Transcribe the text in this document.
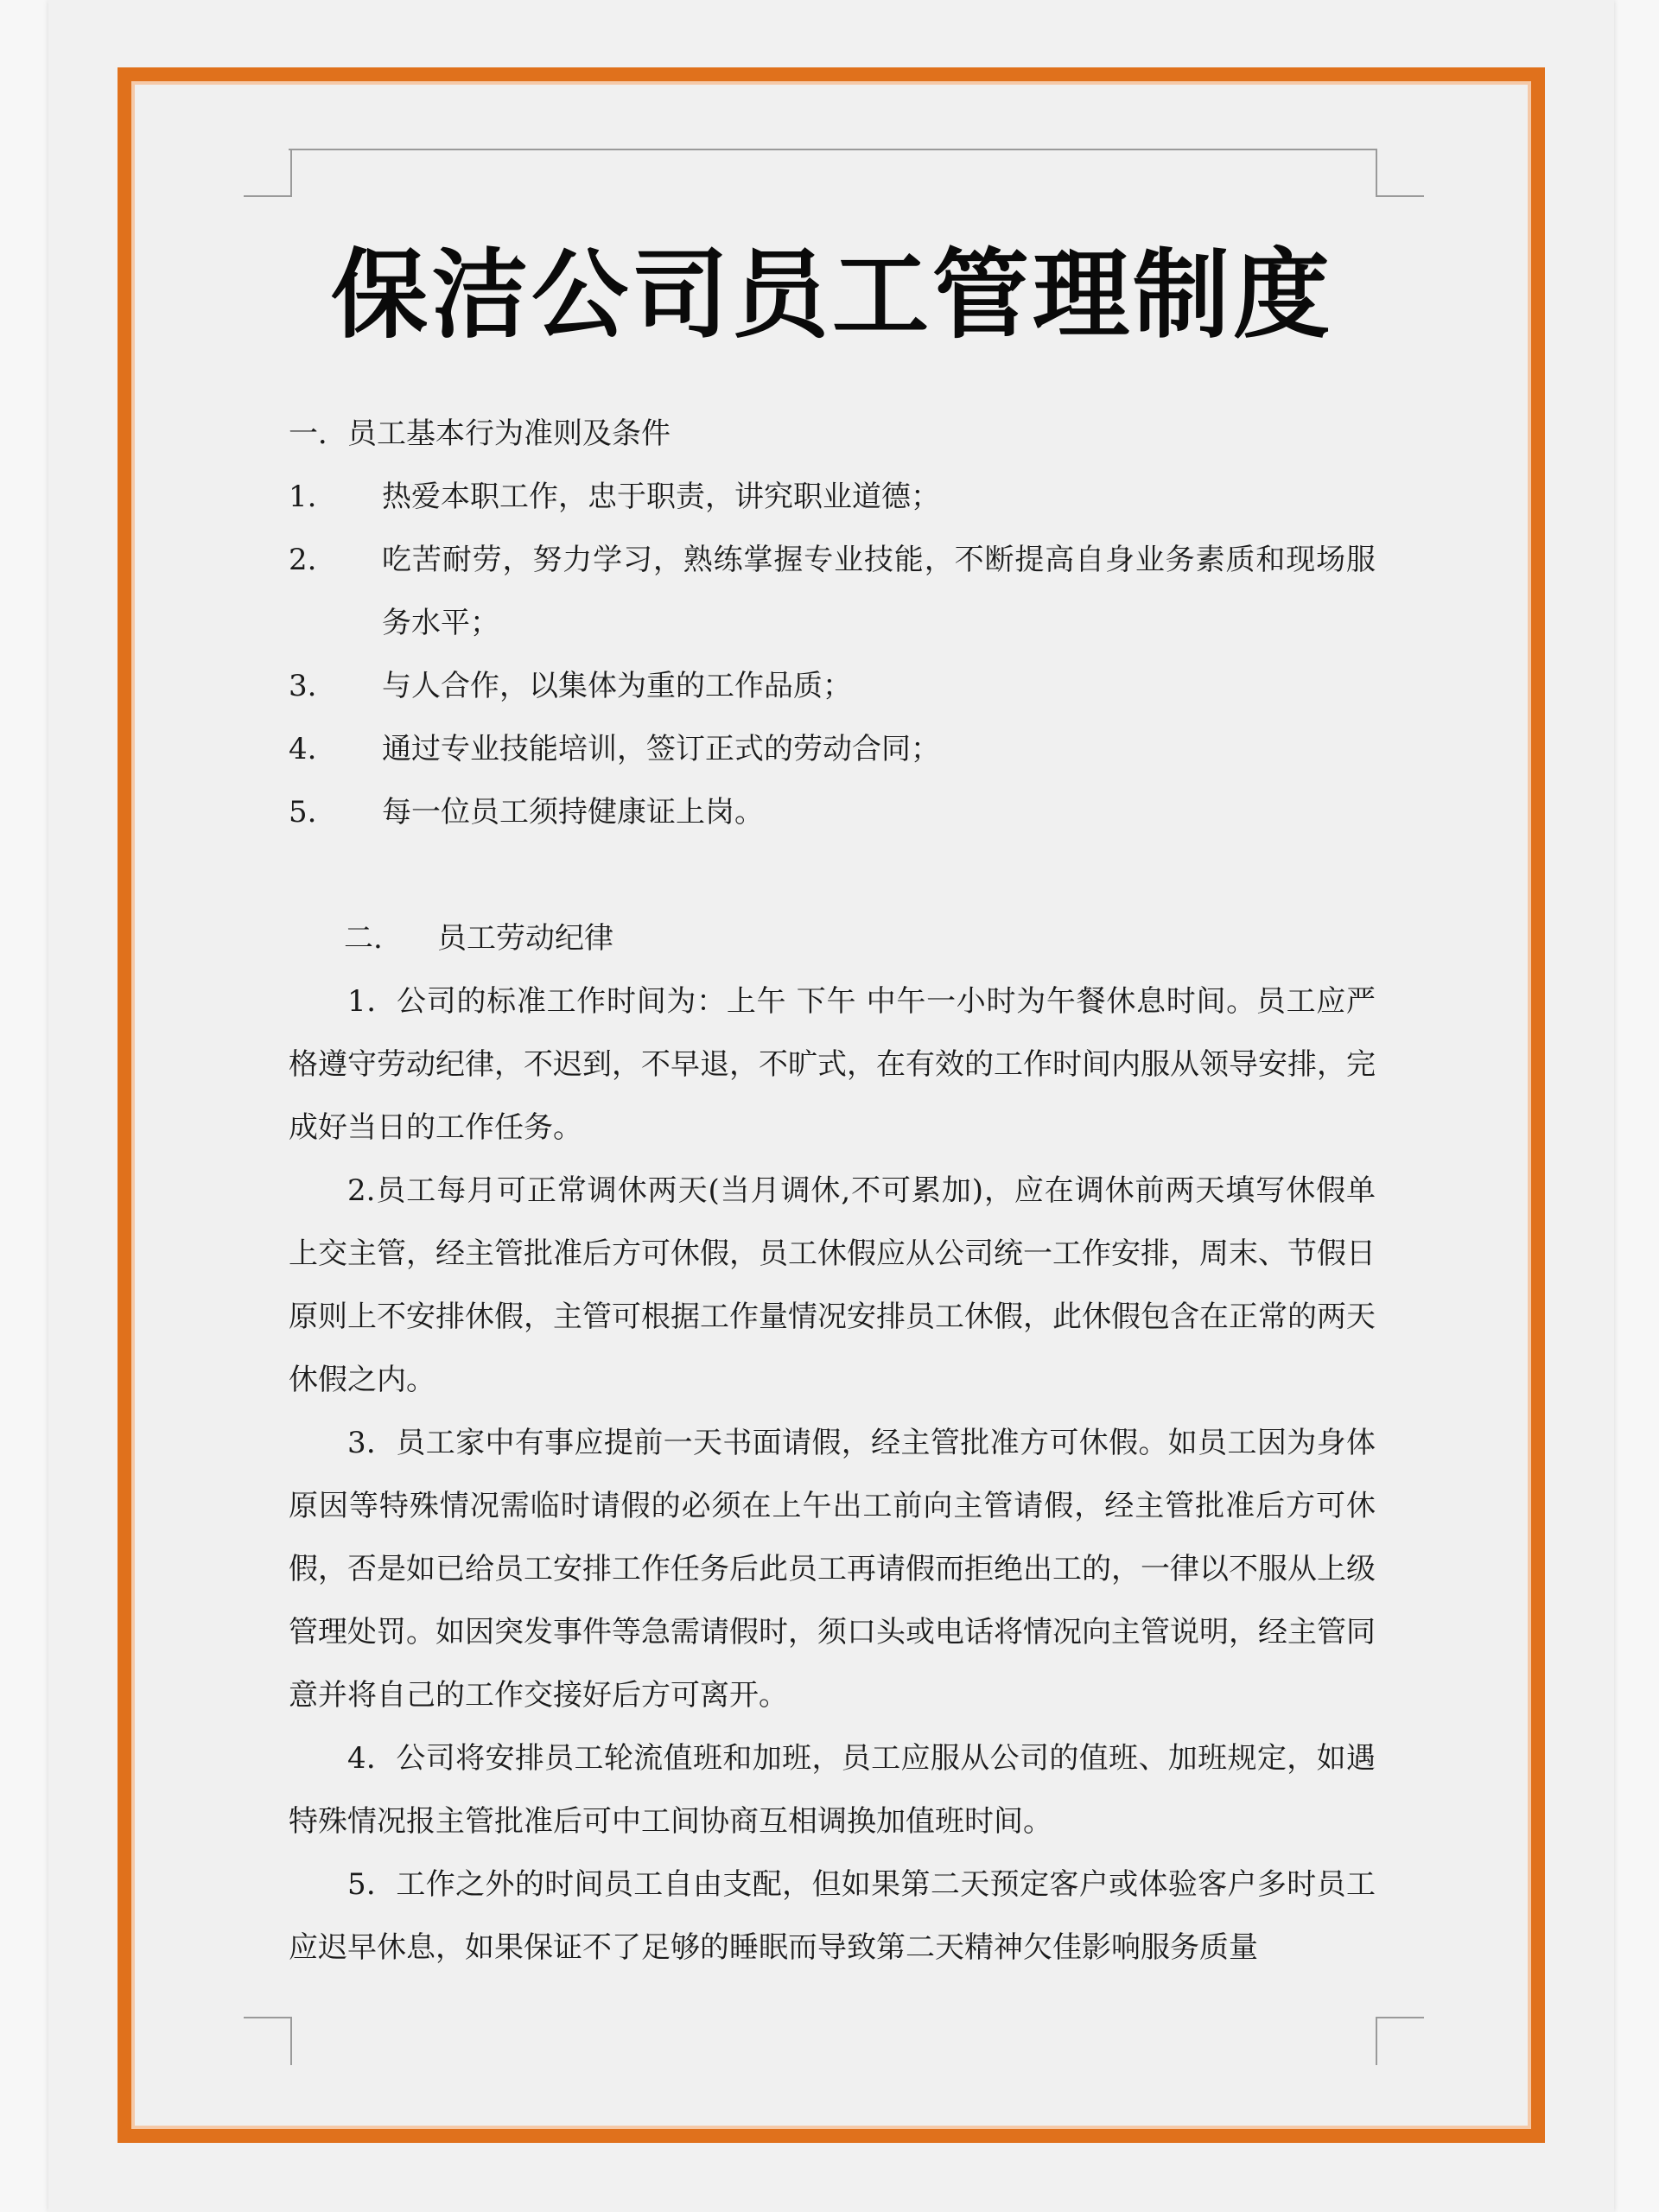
保洁公司员工管理制度

一．员工基本行为准则及条件

1.	热爱本职工作，忠于职责，讲究职业道德；
2.	吃苦耐劳，努力学习，熟练掌握专业技能，不断提高自身业务素质和现场服务水平；
3.	与人合作，以集体为重的工作品质；
4.	通过专业技能培训，签订正式的劳动合同；
5.	每一位员工须持健康证上岗。

二.	员工劳动纪律

1．公司的标准工作时间为：上午 下午 中午一小时为午餐休息时间。员工应严格遵守劳动纪律，不迟到，不早退，不旷式，在有效的工作时间内服从领导安排，完成好当日的工作任务。

2.员工每月可正常调休两天(当月调休,不可累加)，应在调休前两天填写休假单上交主管，经主管批准后方可休假，员工休假应从公司统一工作安排，周末、节假日原则上不安排休假，主管可根据工作量情况安排员工休假，此休假包含在正常的两天休假之内。

3．员工家中有事应提前一天书面请假，经主管批准方可休假。如员工因为身体原因等特殊情况需临时请假的必须在上午出工前向主管请假，经主管批准后方可休假，否是如已给员工安排工作任务后此员工再请假而拒绝出工的，一律以不服从上级管理处罚。如因突发事件等急需请假时，须口头或电话将情况向主管说明，经主管同意并将自己的工作交接好后方可离开。

4．公司将安排员工轮流值班和加班，员工应服从公司的值班、加班规定，如遇特殊情况报主管批准后可中工间协商互相调换加值班时间。

5．工作之外的时间员工自由支配，但如果第二天预定客户或体验客户多时员工应迟早休息，如果保证不了足够的睡眠而导致第二天精神欠佳影响服务质量
